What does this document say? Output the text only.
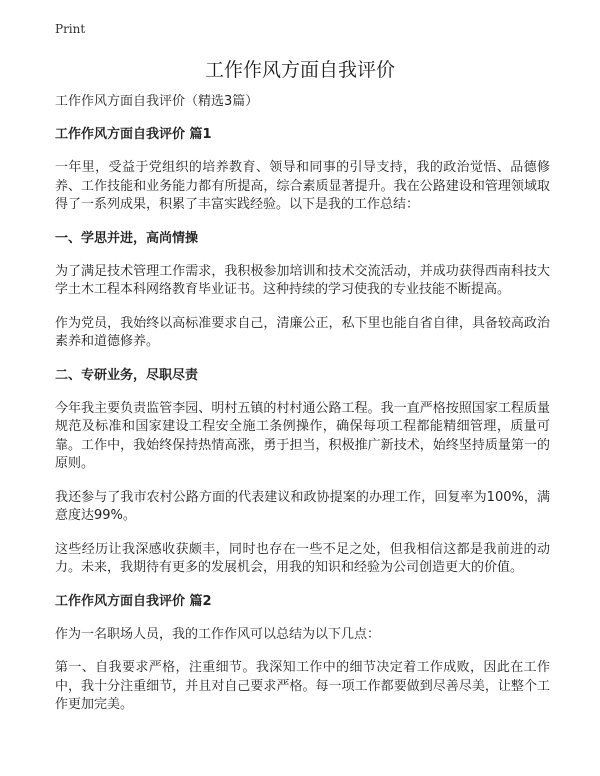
Print
工作作风方面自我评价
工作作风方面自我评价（精选3篇）
工作作风方面自我评价 篇1

一年里，受益于党组织的培养教育、领导和同事的引导支持，我的政治觉悟、品德修养、工作技能和业务能力都有所提高，综合素质显著提升。我在公路建设和管理领域取得了一系列成果，积累了丰富实践经验。以下是我的工作总结：

一、学思并进，高尚情操

为了满足技术管理工作需求，我积极参加培训和技术交流活动，并成功获得西南科技大学土木工程本科网络教育毕业证书。这种持续的学习使我的专业技能不断提高。

作为党员，我始终以高标准要求自己，清廉公正，私下里也能自省自律，具备较高政治素养和道德修养。

二、专研业务，尽职尽责

今年我主要负责监管李园、明村五镇的村村通公路工程。我一直严格按照国家工程质量规范及标准和国家建设工程安全施工条例操作，确保每项工程都能精细管理，质量可靠。工作中，我始终保持热情高涨，勇于担当，积极推广新技术，始终坚持质量第一的原则。

我还参与了我市农村公路方面的代表建议和政协提案的办理工作，回复率为100%，满意度达99%。

这些经历让我深感收获颇丰，同时也存在一些不足之处，但我相信这都是我前进的动力。未来，我期待有更多的发展机会，用我的知识和经验为公司创造更大的价值。

工作作风方面自我评价 篇2

作为一名职场人员，我的工作作风可以总结为以下几点：

第一、自我要求严格，注重细节。我深知工作中的细节决定着工作成败，因此在工作中，我十分注重细节，并且对自己要求严格。每一项工作都要做到尽善尽美，让整个工作更加完美。
